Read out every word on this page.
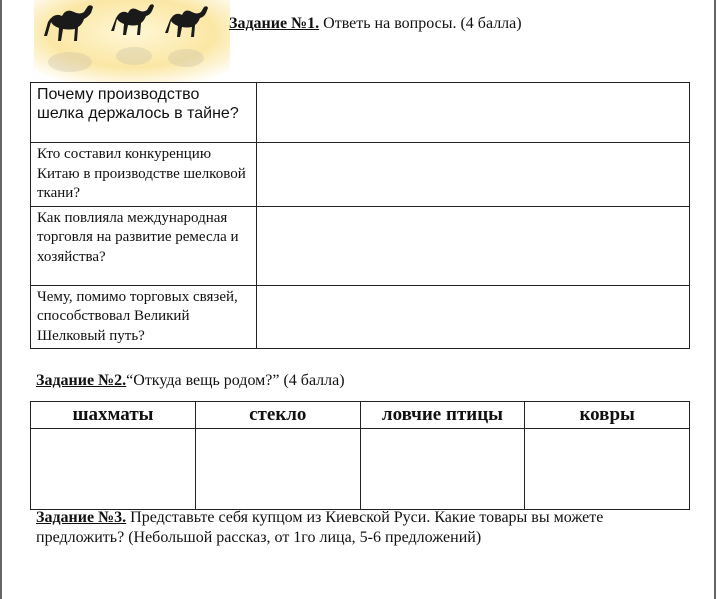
Задание №1. Ответь на вопросы. (4 балла)
Почему производство шелка держалось в тайне?	
Кто составил конкуренцию Китаю в производстве шелковой ткани?	
Как повлияла международная торговля на развитие ремесла и хозяйства?	
Чему, помимо торговых связей, способствовал Великий Шелковый путь?	
Задание №2.“Откуда вещь родом?” (4 балла)
шахматы	стекло	ловчие птицы	ковры

Задание №3. Представьте себя купцом из Киевской Руси. Какие товары вы можете предложить? (Небольшой рассказ, от 1го лица, 5-6 предложений)
